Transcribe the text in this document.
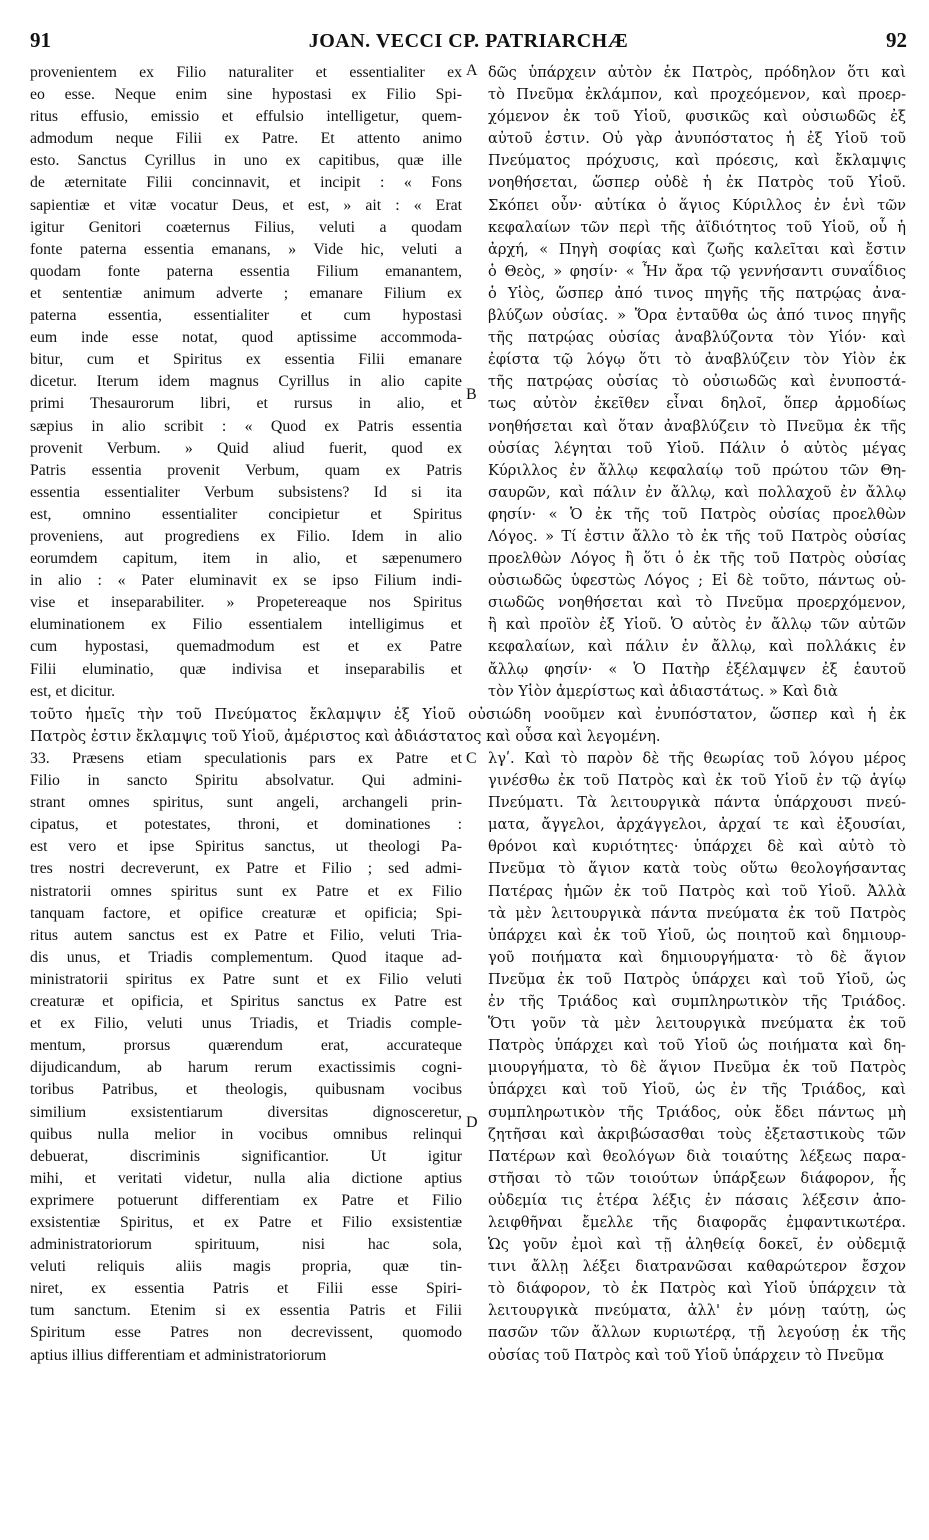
91	JOAN. VECCI CP. PATRIARCHÆ	92
provenientem ex Filio naturaliter et essentialiter ex
eo esse. Neque enim sine hypostasi ex Filio Spi-
ritus effusio, emissio et effulsio intelligetur, quem-
admodum neque Filii ex Patre. Et attento animo
esto. Sanctus Cyrillus in uno ex capitibus, quæ ille
de æternitate Filii concinnavit, et incipit : « Fons
sapientiæ et vitæ vocatur Deus, et est, » ait : « Erat
igitur Genitori coæternus Filius, veluti a quodam
fonte paterna essentia emanans, » Vide hic, veluti a
quodam fonte paterna essentia Filium emanantem,
et sententiæ animum adverte ; emanare Filium ex
paterna essentia, essentialiter et cum hypostasi
eum inde esse notat, quod aptissime accommoda-
bitur, cum et Spiritus ex essentia Filii emanare
dicetur. Iterum idem magnus Cyrillus in alio capite
primi Thesaurorum libri, et rursus in alio, et
sæpius in alio scribit : « Quod ex Patris essentia
provenit Verbum. » Quid aliud fuerit, quod ex
Patris essentia provenit Verbum, quam ex Patris
essentia essentialiter Verbum subsistens? Id si ita
est, omnino essentialiter concipietur et Spiritus
proveniens, aut progrediens ex Filio. Idem in alio
eorumdem capitum, item in alio, et sæpenumero
in alio : « Pater eluminavit ex se ipso Filium indi-
vise et inseparabiliter. » Propetereaque nos Spiritus
eluminationem ex Filio essentialem intelligimus et
cum hypostasi, quemadmodum est et ex Patre
Filii eluminatio, quæ indivisa et inseparabilis et
est, et dicitur.
δῶς ὑπάρχειν αὐτὸν ἐκ Πατρὸς, πρόδηλον ὅτι καὶ
τὸ Πνεῦμα ἐκλάμπον, καὶ προχεόμενον, καὶ προερ-
χόμενον ἐκ τοῦ Υἱοῦ, φυσικῶς καὶ οὐσιωδῶς ἐξ
αὐτοῦ ἐστιν. Οὐ γὰρ ἀνυπόστατος ἡ ἐξ Υἱοῦ τοῦ
Πνεύματος πρόχυσις, καὶ πρόεσις, καὶ ἔκλαμψις
νοηθήσεται, ὥσπερ οὐδὲ ἡ ἐκ Πατρὸς τοῦ Υἱοῦ.
Σκόπει οὖν· αὐτίκα ὁ ἅγιος Κύριλλος ἐν ἑνὶ τῶν
κεφαλαίων τῶν περὶ τῆς ἀϊδιότητος τοῦ Υἱοῦ, οὗ ἡ
ἀρχή, « Πηγὴ σοφίας καὶ ζωῆς καλεῖται καὶ ἔστιν
ὁ Θεὸς, » φησίν· « Ἦν ἄρα τῷ γεννήσαντι συναΐδιος
ὁ Υἱὸς, ὥσπερ ἀπό τινος πηγῆς τῆς πατρῴας ἀνα-
βλύζων οὐσίας. » Ὅρα ἐνταῦθα ὡς ἀπό τινος πηγῆς
τῆς πατρῴας οὐσίας ἀναβλύζοντα τὸν Υἱόν· καὶ
ἐφίστα τῷ λόγῳ ὅτι τὸ ἀναβλύζειν τὸν Υἱὸν ἐκ
τῆς πατρῴας οὐσίας τὸ οὐσιωδῶς καὶ ἐνυποστά-
τως αὐτὸν ἐκεῖθεν εἶναι δηλοῖ, ὅπερ ἁρμοδίως
νοηθήσεται καὶ ὅταν ἀναβλύζειν τὸ Πνεῦμα ἐκ τῆς
οὐσίας λέγηται τοῦ Υἱοῦ. Πάλιν ὁ αὐτὸς μέγας
Κύριλλος ἐν ἄλλῳ κεφαλαίῳ τοῦ πρώτου τῶν Θη-
σαυρῶν, καὶ πάλιν ἐν ἄλλῳ, καὶ πολλαχοῦ ἐν ἄλλῳ
φησίν· « Ὁ ἐκ τῆς τοῦ Πατρὸς οὐσίας προελθὼν
Λόγος. » Τί ἐστιν ἄλλο τὸ ἐκ τῆς τοῦ Πατρὸς οὐσίας
προελθὼν Λόγος ἢ ὅτι ὁ ἐκ τῆς τοῦ Πατρὸς οὐσίας
οὐσιωδῶς ὑφεστὼς Λόγος ; Εἰ δὲ τοῦτο, πάντως οὐ-
σιωδῶς νοηθήσεται καὶ τὸ Πνεῦμα προερχόμενον,
ἢ καὶ προϊὸν ἐξ Υἱοῦ. Ὁ αὐτὸς ἐν ἄλλῳ τῶν αὐτῶν
κεφαλαίων, καὶ πάλιν ἐν ἄλλῳ, καὶ πολλάκις ἐν
ἄλλῳ φησίν· « Ὁ Πατὴρ ἐξέλαμψεν ἐξ ἑαυτοῦ
τὸν Υἱὸν ἀμερίστως καὶ ἀδιαστάτως. » Καὶ διὰ
τοῦτο ἡμεῖς τὴν τοῦ Πνεύματος ἔκλαμψιν ἐξ Υἱοῦ οὐσιώδη νοοῦμεν καὶ ἐνυπόστατον, ὥσπερ καὶ ἡ ἐκ
Πατρὸς ἐστιν ἔκλαμψις τοῦ Υἱοῦ, ἀμέριστος καὶ ἀδιάστατος καὶ οὖσα καὶ λεγομένη.
33. Præsens etiam speculationis pars ex Patre et
Filio in sancto Spiritu absolvatur. Qui admini-
strant omnes spiritus, sunt angeli, archangeli prin-
cipatus, et potestates, throni, et dominationes :
est vero et ipse Spiritus sanctus, ut theologi Pa-
tres nostri decreverunt, ex Patre et Filio ; sed admi-
nistratorii omnes spiritus sunt ex Patre et ex Filio
tanquam factore, et opifice creaturæ et opificia; Spi-
ritus autem sanctus est ex Patre et Filio, veluti Tria-
dis unus, et Triadis complementum. Quod itaque ad-
ministratorii spiritus ex Patre sunt et ex Filio veluti
creaturæ et opificia, et Spiritus sanctus ex Patre est
et ex Filio, veluti unus Triadis, et Triadis comple-
mentum, prorsus quærendum erat, accurateque
dijudicandum, ab harum rerum exactissimis cogni-
toribus Patribus, et theologis, quibusnam vocibus
similium exsistentiarum diversitas dignosceretur,
quibus nulla melior in vocibus omnibus relinqui
debuerat, discriminis significantior. Ut igitur
mihi, et veritati videtur, nulla alia dictione aptius
exprimere potuerunt differentiam ex Patre et Filio
exsistentiæ Spiritus, et ex Patre et Filio exsistentiæ
administratoriorum spirituum, nisi hac sola,
veluti reliquis aliis magis propria, quæ tin-
niret, ex essentia Patris et Filii esse Spiri-
tum sanctum. Etenim si ex essentia Patris et Filii
Spiritum esse Patres non decrevissent, quomodo
aptius illius differentiam et administratoriorum
λγʹ. Καὶ τὸ παρὸν δὲ τῆς θεωρίας τοῦ λόγου μέρος
γινέσθω ἐκ τοῦ Πατρὸς καὶ ἐκ τοῦ Υἱοῦ ἐν τῷ ἁγίῳ
Πνεύματι. Τὰ λειτουργικὰ πάντα ὑπάρχουσι πνεύ-
ματα, ἄγγελοι, ἀρχάγγελοι, ἀρχαί τε καὶ ἐξουσίαι,
θρόνοι καὶ κυριότητες· ὑπάρχει δὲ καὶ αὐτὸ τὸ
Πνεῦμα τὸ ἅγιον κατὰ τοὺς οὕτω θεολογήσαντας
Πατέρας ἡμῶν ἐκ τοῦ Πατρὸς καὶ τοῦ Υἱοῦ. Ἀλλὰ
τὰ μὲν λειτουργικὰ πάντα πνεύματα ἐκ τοῦ Πατρὸς
ὑπάρχει καὶ ἐκ τοῦ Υἱοῦ, ὡς ποιητοῦ καὶ δημιουρ-
γοῦ ποιήματα καὶ δημιουργήματα· τὸ δὲ ἅγιον
Πνεῦμα ἐκ τοῦ Πατρὸς ὑπάρχει καὶ τοῦ Υἱοῦ, ὡς
ἐν τῆς Τριάδος καὶ συμπληρωτικὸν τῆς Τριάδος.
Ὅτι γοῦν τὰ μὲν λειτουργικὰ πνεύματα ἐκ τοῦ
Πατρὸς ὑπάρχει καὶ τοῦ Υἱοῦ ὡς ποιήματα καὶ δη-
μιουργήματα, τὸ δὲ ἅγιον Πνεῦμα ἐκ τοῦ Πατρὸς
ὑπάρχει καὶ τοῦ Υἱοῦ, ὡς ἐν τῆς Τριάδος, καὶ
συμπληρωτικὸν τῆς Τριάδος, οὐκ ἔδει πάντως μὴ
ζητῆσαι καὶ ἀκριβώσασθαι τοὺς ἐξεταστικοὺς τῶν
Πατέρων καὶ θεολόγων διὰ τοιαύτης λέξεως παρα-
στῆσαι τὸ τῶν τοιούτων ὑπάρξεων διάφορον, ἧς
οὐδεμία τις ἑτέρα λέξις ἐν πάσαις λέξεσιν ἀπο-
λειφθῆναι ἔμελλε τῆς διαφορᾶς ἐμφαντικωτέρα.
Ὡς γοῦν ἐμοὶ καὶ τῇ ἀληθείᾳ δοκεῖ, ἐν οὐδεμιᾷ
τινι ἄλλῃ λέξει διατρανῶσαι καθαρώτερον ἔσχον
τὸ διάφορον, τὸ ἐκ Πατρὸς καὶ Υἱοῦ ὑπάρχειν τὰ
λειτουργικὰ πνεύματα, ἀλλ' ἐν μόνῃ ταύτῃ, ὡς
πασῶν τῶν ἄλλων κυριωτέρᾳ, τῇ λεγούσῃ ἐκ τῆς
οὐσίας τοῦ Πατρὸς καὶ τοῦ Υἱοῦ ὑπάρχειν τὸ Πνεῦμα
A
B
C
D
